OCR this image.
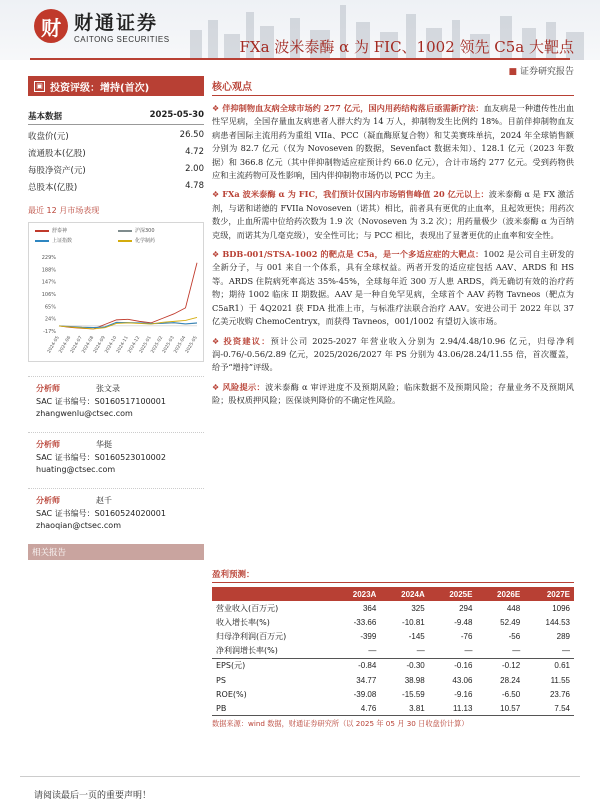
财 财通证券
CAITONG SECURITIES	FXa 波米泰酶 α 为 FIC、1002 领先 C5a 大靶点
■ 证券研究报告
▣ 投资评级：增持(首次)
基本数据	2025-05-30
收盘价(元)	26.50
流通股本(亿股)	4.72
每股净资产(元)	2.00
总股本(亿股)	4.78
最近 12 月市场表现
舒泰神	沪深300
上证指数	化学制药
229%
188%
147%
106%
65%
24%
-17%
2024-05
2024-06
2024-07
2024-08
2024-09
2024-10
2024-11
2024-12
2025-01
2025-02
2025-03
2025-04
2025-05
分析师	张文录
SAC 证书编号：S0160517100001
zhangwenlu@ctsec.com
分析师	华挺
SAC 证书编号：S0160523010002
huating@ctsec.com
分析师	赵千
SAC 证书编号：S0160524020001
zhaoqian@ctsec.com
相关报告
核心观点
❖ 伴抑制物血友病全球市场约 277 亿元，国内用药结构落后亟需新疗法：血友病是一种遗传性出血性罕见病，全国存量血友病患者人群大约为 14 万人，抑制物发生比例约 18%。目前伴抑制物血友病患者国际主流用药为重组 VIIa、PCC（凝血酶原复合物）和艾美赛珠单抗，2024 年全球销售额分别为 82.7 亿元（仅为 Novoseven 的数据，Sevenfact 数据未知）、128.1 亿元（2023 年数据）和 366.8 亿元（其中伴抑制物适应症预计约 66.0 亿元），合计市场约 277 亿元。受到药物供应和主流药物可及性影响，国内伴抑制物市场仍以 PCC 为主。
❖ FXa 波米泰酶 α 为 FIC，我们预计仅国内市场销售峰值 20 亿元以上：波米泰酶 α 是 FX 激活剂，与诺和诺德的 FVIIa Novoseven（诺其）相比，前者具有更优的止血率，且起效更快；用药次数少，止血所需中位给药次数为 1.9 次（Novoseven 为 3.2 次）；用药量极少（波米泰酶 α 为百纳克级，而诺其为几毫克级），安全性可比；与 PCC 相比，表现出了显著更优的止血率和安全性。
❖ BDB-001/STSA-1002 的靶点是 C5a，是一个多适应症的大靶点：1002 是公司自主研发的全新分子，与 001 来自一个体系，具有全球权益。两者开发的适应症包括 AAV、ARDS 和 HS 等。ARDS 住院病死率高达 35%-45%，全球每年近 300 万人患 ARDS，尚无确切有效的治疗药物；期待 1002 临床 II 期数据。AAV 是一种自免罕见病，全球首个 AAV 药物 Tavneos（靶点为 C5aR1）于 4Q2021 获 FDA 批准上市，与标准疗法联合治疗 AAV。安进公司于 2022 年以 37 亿美元收购 ChemoCentryx，而获得 Tavneos，001/1002 有望切入该市场。
❖ 投资建议：预计公司 2025-2027 年营业收入分别为 2.94/4.48/10.96 亿元，归母净利润-0.76/-0.56/2.89 亿元，2025/2026/2027 年 PS 分别为 43.06/28.24/11.55 倍，首次覆盖，给予“增持”评级。
❖ 风险提示：波米泰酶 α 审评进度不及预期风险；临床数据不及预期风险；存量业务不及预期风险；股权质押风险；医保谈判降价的不确定性风险。
盈利预测：
	2023A	2024A	2025E	2026E	2027E
营业收入(百万元)	364	325	294	448	1096
收入增长率(%)	-33.66	-10.81	-9.48	52.49	144.53
归母净利润(百万元)	-399	-145	-76	-56	289
净利润增长率(%)	—	—	—	—	—
EPS(元)	-0.84	-0.30	-0.16	-0.12	0.61
PS	34.77	38.98	43.06	28.24	11.55
ROE(%)	-39.08	-15.59	-9.16	-6.50	23.76
PB	4.76	3.81	11.13	10.57	7.54
数据来源：wind 数据，财通证券研究所（以 2025 年 05 月 30 日收盘价计算）
请阅读最后一页的重要声明！
